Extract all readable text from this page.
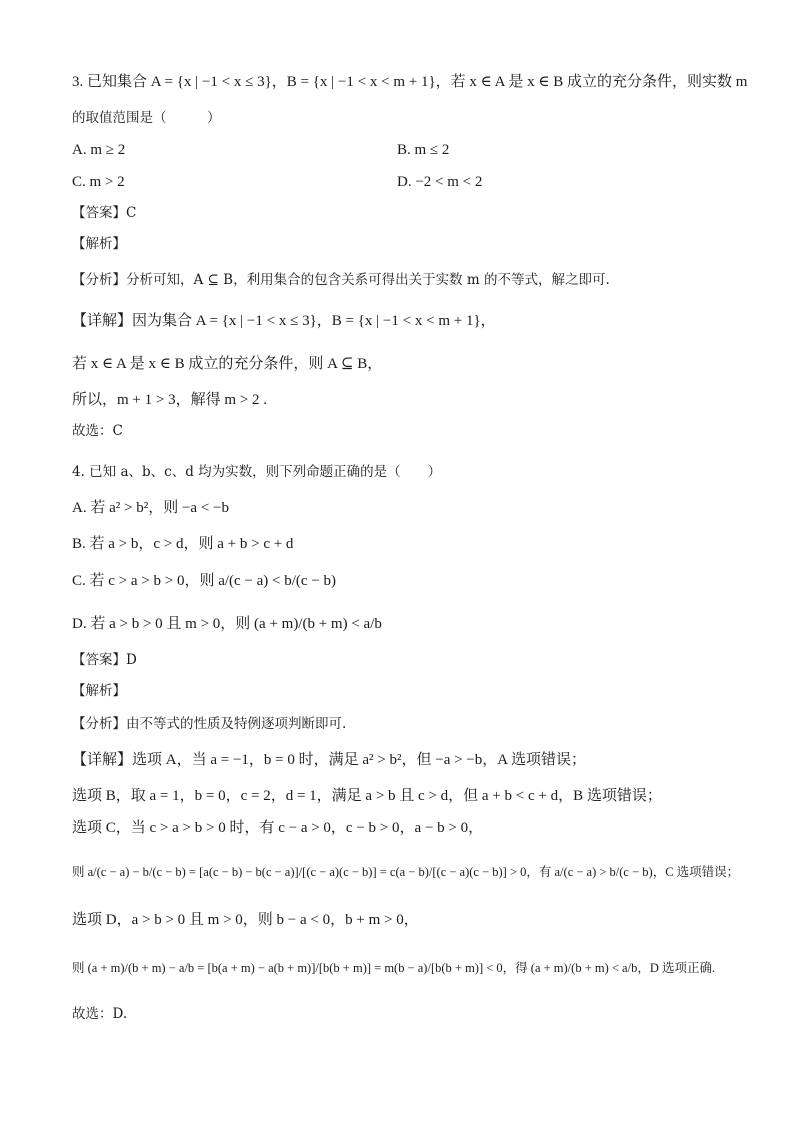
3. 已知集合 A = {x | −1 < x ≤ 3}，B = {x | −1 < x < m + 1}，若 x ∈ A 是 x ∈ B 成立的充分条件，则实数 m
的取值范围是（　　　）
A. m ≥ 2	B. m ≤ 2
C. m > 2	D. −2 < m < 2
【答案】C
【解析】
【分析】分析可知，A ⊆ B，利用集合的包含关系可得出关于实数 m 的不等式，解之即可.
【详解】因为集合 A = {x | −1 < x ≤ 3}，B = {x | −1 < x < m + 1}，
若 x ∈ A 是 x ∈ B 成立的充分条件，则 A ⊆ B，
所以，m + 1 > 3，解得 m > 2 .
故选：C
4. 已知 a、b、c、d 均为实数，则下列命题正确的是（　　）
A. 若 a² > b²，则 −a < −b
B. 若 a > b，c > d，则 a + b > c + d
C. 若 c > a > b > 0，则 a/(c − a) < b/(c − b)
D. 若 a > b > 0 且 m > 0，则 (a + m)/(b + m) < a/b
【答案】D
【解析】
【分析】由不等式的性质及特例逐项判断即可.
【详解】选项 A，当 a = −1，b = 0 时，满足 a² > b²，但 −a > −b，A 选项错误；
选项 B，取 a = 1，b = 0，c = 2，d = 1，满足 a > b 且 c > d，但 a + b < c + d，B 选项错误；
选项 C，当 c > a > b > 0 时，有 c − a > 0，c − b > 0，a − b > 0，
则 a/(c − a) − b/(c − b) = [a(c − b) − b(c − a)]/[(c − a)(c − b)] = c(a − b)/[(c − a)(c − b)] > 0，有 a/(c − a) > b/(c − b)，C 选项错误；
选项 D，a > b > 0 且 m > 0，则 b − a < 0，b + m > 0，
则 (a + m)/(b + m) − a/b = [b(a + m) − a(b + m)]/[b(b + m)] = m(b − a)/[b(b + m)] < 0，得 (a + m)/(b + m) < a/b，D 选项正确.
故选：D.
